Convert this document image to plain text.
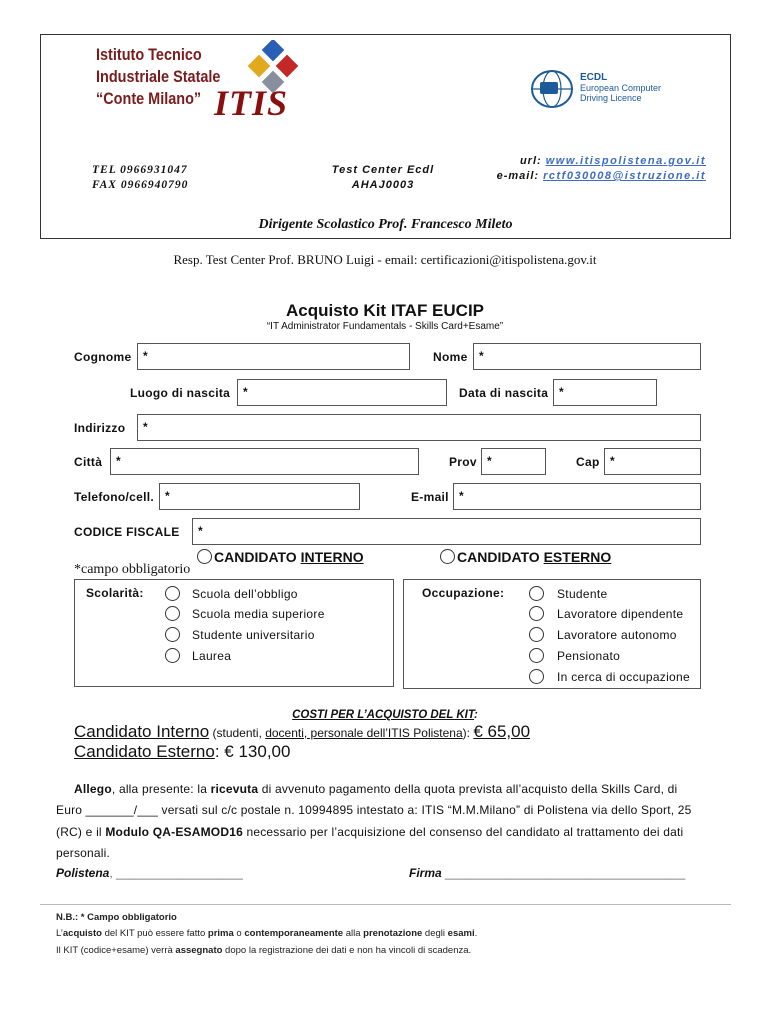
Istituto Tecnico
Industriale Statale
“Conte Milano” ITIS
ECDL
European Computer
Driving Licence
TEL 0966931047
FAX 0966940790
Test Center Ecdl
AHAJ0003
url: www.itispolistena.gov.it
e-mail: rctf030008@istruzione.it
Dirigente Scolastico Prof. Francesco Mileto
Resp. Test Center Prof. BRUNO Luigi - email: certificazioni@itispolistena.gov.it
Acquisto Kit ITAF EUCIP
“IT Administrator Fundamentals - Skills Card+Esame”
Cognome *	Nome *
Luogo di nascita	*	Data di nascita *
Indirizzo	*
Città	*	Prov *	Cap *
Telefono/cell. *	E-mail *
CODICE FISCALE	*
*campo obbligatorio
CANDIDATO INTERNO	CANDIDATO ESTERNO
Scolarità:	Scuola dell’obbligo
Scuola media superiore
Studente universitario
Laurea
Occupazione:	Studente
Lavoratore dipendente
Lavoratore autonomo
Pensionato
In cerca di occupazione
COSTI PER L’ACQUISTO DEL KIT:
Candidato Interno (studenti, docenti, personale dell’ITIS Polistena): € 65,00
Candidato Esterno: € 130,00
Allego, alla presente: la ricevuta di avvenuto pagamento della quota prevista all’acquisto della Skills Card, di
Euro _______/___ versati sul c/c postale n. 10994895 intestato a: ITIS “M.M.Milano” di Polistena via dello Sport, 25
(RC) e il Modulo QA-ESAMOD16 necessario per l’acquisizione del consenso del candidato al trattamento dei dati
personali.
Polistena, ___________________	Firma ____________________________________
N.B.: * Campo obbligatorio
L’acquisto del KIT può essere fatto prima o contemporaneamente alla prenotazione degli esami.
Il KIT (codice+esame) verrà assegnato dopo la registrazione dei dati e non ha vincoli di scadenza.
